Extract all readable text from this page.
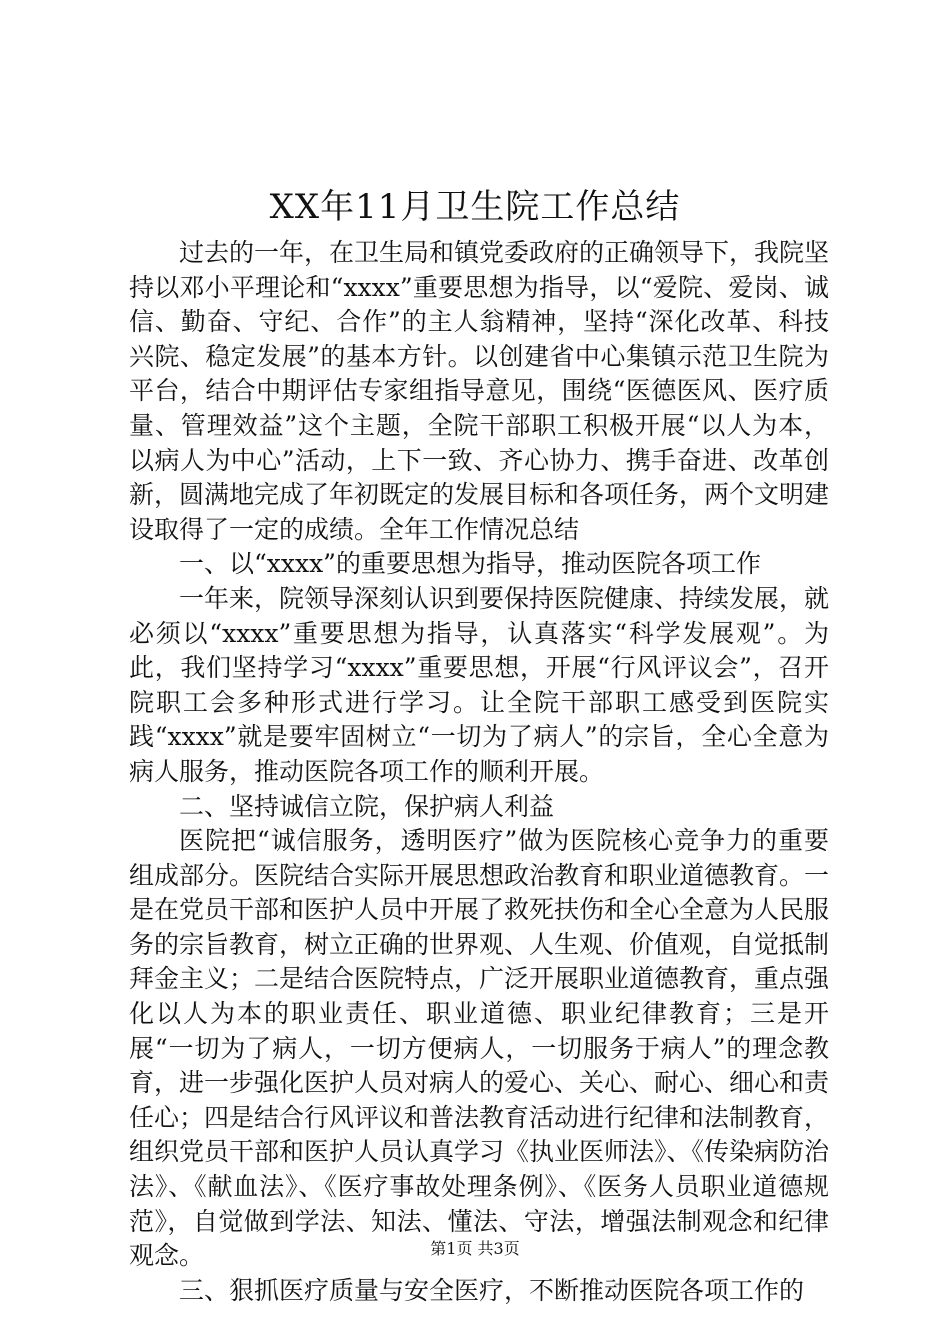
XX年11月卫生院工作总结

过去的一年，在卫生局和镇党委政府的正确领导下，我院坚持以邓小平理论和“xxxx”重要思想为指导，以“爱院、爱岗、诚信、勤奋、守纪、合作”的主人翁精神，坚持“深化改革、科技兴院、稳定发展”的基本方针。以创建省中心集镇示范卫生院为平台，结合中期评估专家组指导意见，围绕“医德医风、医疗质量、管理效益”这个主题，全院干部职工积极开展“以人为本，以病人为中心”活动，上下一致、齐心协力、携手奋进、改革创新，圆满地完成了年初既定的发展目标和各项任务，两个文明建设取得了一定的成绩。全年工作情况总结

一、以“xxxx”的重要思想为指导，推动医院各项工作

一年来，院领导深刻认识到要保持医院健康、持续发展，就必须以“xxxx”重要思想为指导，认真落实“科学发展观”。为此，我们坚持学习“xxxx”重要思想，开展“行风评议会”，召开院职工会多种形式进行学习。让全院干部职工感受到医院实践“xxxx”就是要牢固树立“一切为了病人”的宗旨，全心全意为病人服务，推动医院各项工作的顺利开展。

二、坚持诚信立院，保护病人利益

医院把“诚信服务，透明医疗”做为医院核心竞争力的重要组成部分。医院结合实际开展思想政治教育和职业道德教育。一是在党员干部和医护人员中开展了救死扶伤和全心全意为人民服务的宗旨教育，树立正确的世界观、人生观、价值观，自觉抵制拜金主义；二是结合医院特点，广泛开展职业道德教育，重点强化以人为本的职业责任、职业道德、职业纪律教育；三是开展“一切为了病人，一切方便病人，一切服务于病人”的理念教育，进一步强化医护人员对病人的爱心、关心、耐心、细心和责任心；四是结合行风评议和普法教育活动进行纪律和法制教育，组织党员干部和医护人员认真学习《执业医师法》、《传染病防治法》、《献血法》、《医疗事故处理条例》、《医务人员职业道德规范》，自觉做到学法、知法、懂法、守法，增强法制观念和纪律观念。

三、狠抓医疗质量与安全医疗，不断推动医院各项工作的

第1页 共3页
